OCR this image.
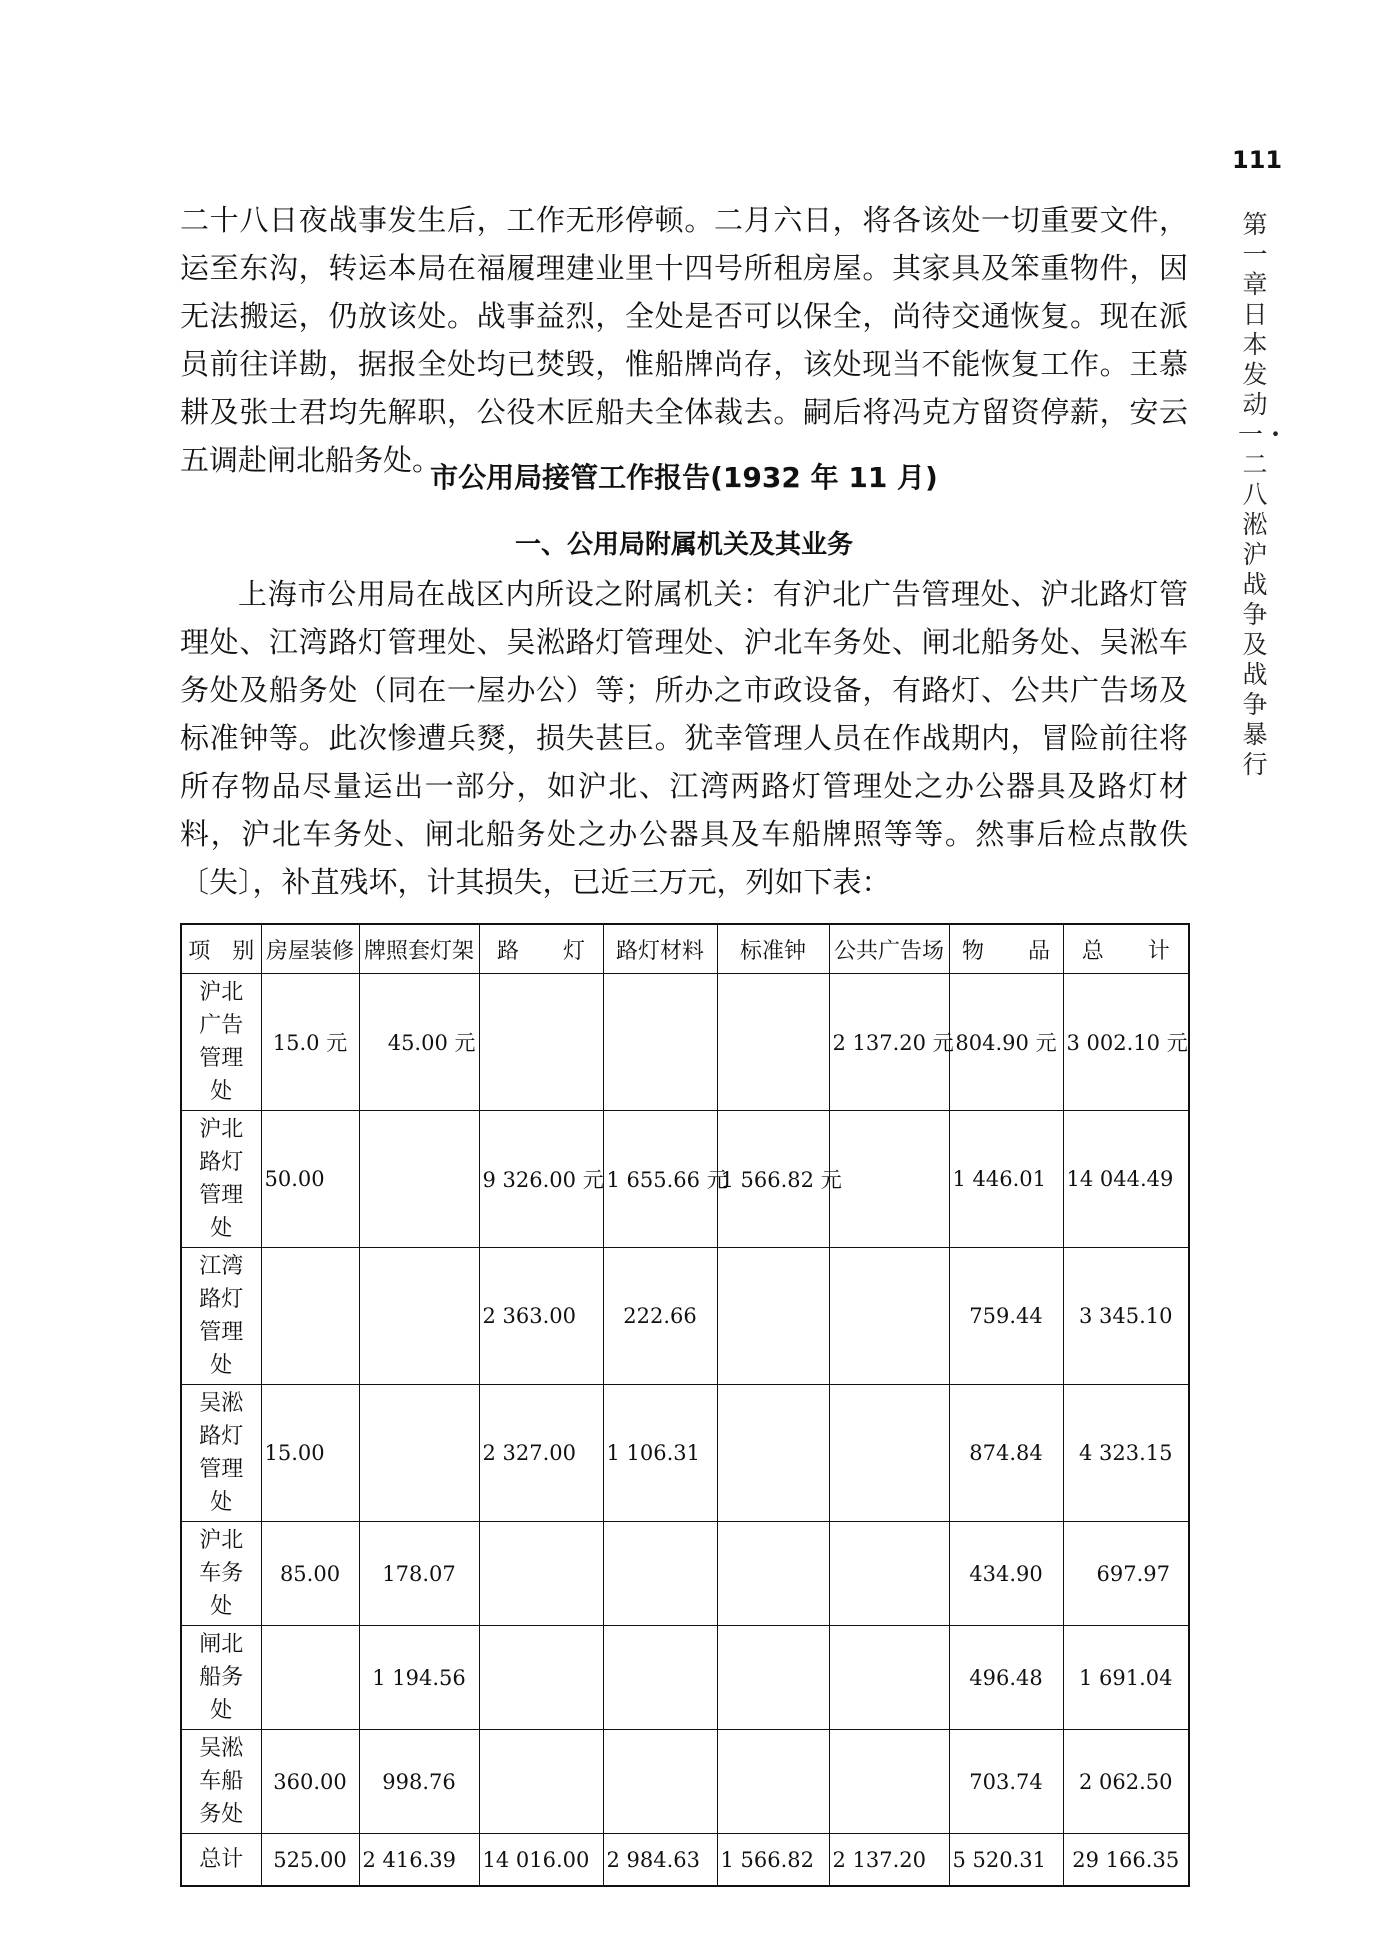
111
第一章　日本发动一・二八淞沪战争及战争暴行
二十八日夜战事发生后，工作无形停顿。二月六日，将各该处一切重要文件，运至东沟，转运本局在福履理建业里十四号所租房屋。其家具及笨重物件，因无法搬运，仍放该处。战事益烈，全处是否可以保全，尚待交通恢复。现在派员前往详勘，据报全处均已焚毁，惟船牌尚存，该处现当不能恢复工作。王慕耕及张士君均先解职，公役木匠船夫全体裁去。嗣后将冯克方留资停薪，安云五调赴闸北船务处。
市公用局接管工作报告(1932 年 11 月)
一、公用局附属机关及其业务
上海市公用局在战区内所设之附属机关：有沪北广告管理处、沪北路灯管理处、江湾路灯管理处、吴淞路灯管理处、沪北车务处、闸北船务处、吴淞车务处及船务处（同在一屋办公）等；所办之市政设备，有路灯、公共广告场及标准钟等。此次惨遭兵燹，损失甚巨。犹幸管理人员在作战期内，冒险前往将所存物品尽量运出一部分，如沪北、江湾两路灯管理处之办公器具及路灯材料，沪北车务处、闸北船务处之办公器具及车船牌照等等。然事后检点散佚〔失〕，补苴残坏，计其损失，已近三万元，列如下表：
项　别	房屋装修	牌照套灯架	路　　灯	路灯材料	标准钟	公共广告场	物　　品	总　　计
沪北广告管理处	15.0 元	45.00 元				2 137.20 元	804.90 元	3 002.10 元
沪北路灯管理处	50.00		9 326.00 元	1 655.66 元	1 566.82 元		1 446.01	14 044.49
江湾路灯管理处			2 363.00	222.66			759.44	3 345.10
吴淞路灯管理处	15.00		2 327.00	1 106.31			874.84	4 323.15
沪北车务处	85.00	178.07					434.90	697.97
闸北船务处		1 194.56					496.48	1 691.04
吴淞车船务处	360.00	998.76					703.74	2 062.50
总计	525.00	2 416.39	14 016.00	2 984.63	1 566.82	2 137.20	5 520.31	29 166.35
